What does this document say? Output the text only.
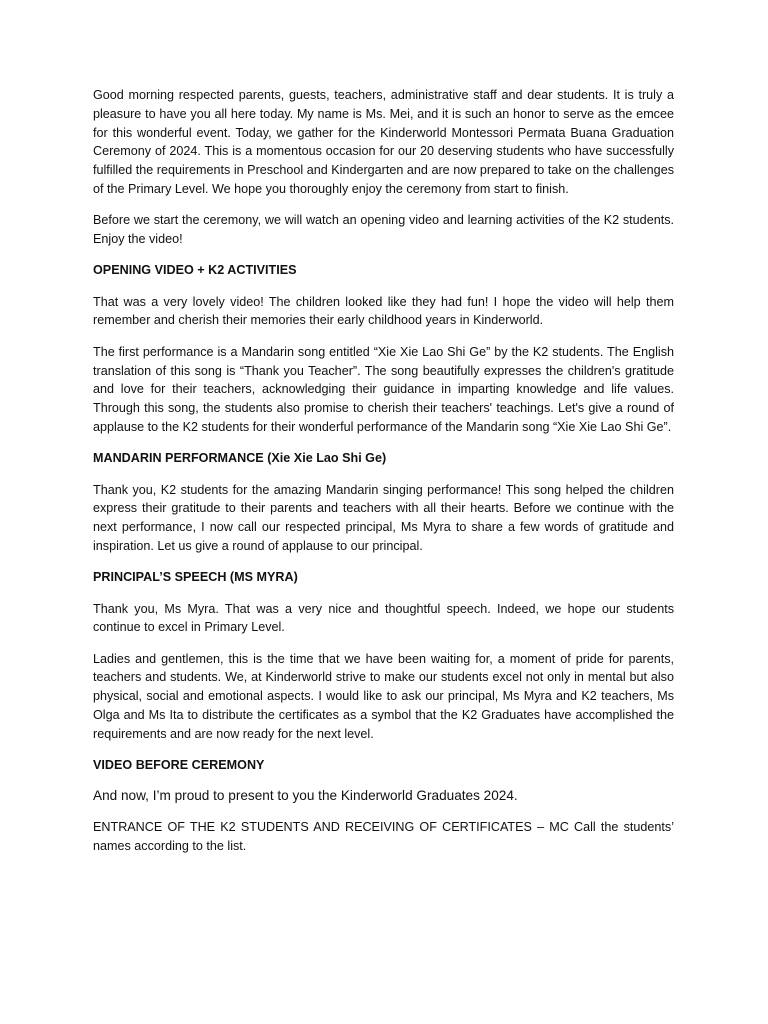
Good morning respected parents, guests, teachers, administrative staff and dear students. It is truly a pleasure to have you all here today. My name is Ms. Mei, and it is such an honor to serve as the emcee for this wonderful event. Today, we gather for the Kinderworld Montessori Permata Buana Graduation Ceremony of 2024. This is a momentous occasion for our 20 deserving students who have successfully fulfilled the requirements in Preschool and Kindergarten and are now prepared to take on the challenges of the Primary Level. We hope you thoroughly enjoy the ceremony from start to finish.

Before we start the ceremony, we will watch an opening video and learning activities of the K2 students. Enjoy the video!

OPENING VIDEO + K2 ACTIVITIES

That was a very lovely video! The children looked like they had fun! I hope the video will help them remember and cherish their memories their early childhood years in Kinderworld.

The first performance is a Mandarin song entitled “Xie Xie Lao Shi Ge” by the K2 students. The English translation of this song is “Thank you Teacher”. The song beautifully expresses the children's gratitude and love for their teachers, acknowledging their guidance in imparting knowledge and life values. Through this song, the students also promise to cherish their teachers' teachings. Let's give a round of applause to the K2 students for their wonderful performance of the Mandarin song “Xie Xie Lao Shi Ge”.

MANDARIN PERFORMANCE (Xie Xie Lao Shi Ge)

Thank you, K2 students for the amazing Mandarin singing performance! This song helped the children express their gratitude to their parents and teachers with all their hearts. Before we continue with the next performance, I now call our respected principal, Ms Myra to share a few words of gratitude and inspiration. Let us give a round of applause to our principal.

PRINCIPAL’S SPEECH (MS MYRA)

Thank you, Ms Myra. That was a very nice and thoughtful speech. Indeed, we hope our students continue to excel in Primary Level.

Ladies and gentlemen, this is the time that we have been waiting for, a moment of pride for parents, teachers and students. We, at Kinderworld strive to make our students excel not only in mental but also physical, social and emotional aspects. I would like to ask our principal, Ms Myra and K2 teachers, Ms Olga and Ms Ita to distribute the certificates as a symbol that the K2 Graduates have accomplished the requirements and are now ready for the next level.

VIDEO BEFORE CEREMONY

And now, I’m proud to present to you the Kinderworld Graduates 2024.

ENTRANCE OF THE K2 STUDENTS AND RECEIVING OF CERTIFICATES – MC Call the students’ names according to the list.
